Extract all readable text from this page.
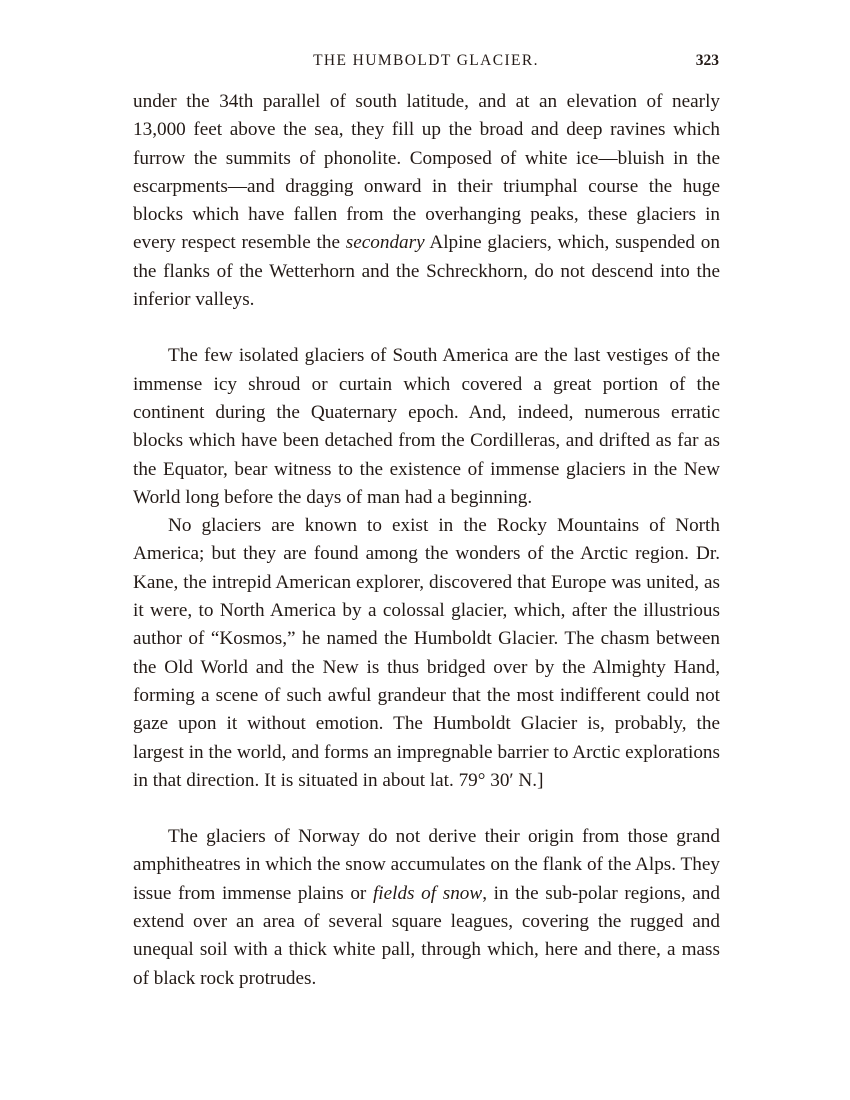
THE HUMBOLDT GLACIER.	323

under the 34th parallel of south latitude, and at an elevation of nearly 13,000 feet above the sea, they fill up the broad and deep ravines which furrow the summits of phonolite. Composed of white ice—bluish in the escarpments—and dragging onward in their triumphal course the huge blocks which have fallen from the overhanging peaks, these glaciers in every respect resemble the secondary Alpine glaciers, which, suspended on the flanks of the Wetterhorn and the Schreckhorn, do not descend into the inferior valleys.

The few isolated glaciers of South America are the last vestiges of the immense icy shroud or curtain which covered a great portion of the continent during the Quaternary epoch. And, indeed, numerous erratic blocks which have been detached from the Cordilleras, and drifted as far as the Equator, bear witness to the existence of immense glaciers in the New World long before the days of man had a beginning.

No glaciers are known to exist in the Rocky Mountains of North America; but they are found among the wonders of the Arctic region. Dr. Kane, the intrepid American explorer, discovered that Europe was united, as it were, to North America by a colossal glacier, which, after the illustrious author of “Kosmos,” he named the Humboldt Glacier. The chasm between the Old World and the New is thus bridged over by the Almighty Hand, forming a scene of such awful grandeur that the most indifferent could not gaze upon it without emotion. The Humboldt Glacier is, probably, the largest in the world, and forms an impregnable barrier to Arctic explorations in that direction. It is situated in about lat. 79° 30′ N.]

The glaciers of Norway do not derive their origin from those grand amphitheatres in which the snow accumulates on the flank of the Alps. They issue from immense plains or fields of snow, in the sub-polar regions, and extend over an area of several square leagues, covering the rugged and unequal soil with a thick white pall, through which, here and there, a mass of black rock protrudes.
